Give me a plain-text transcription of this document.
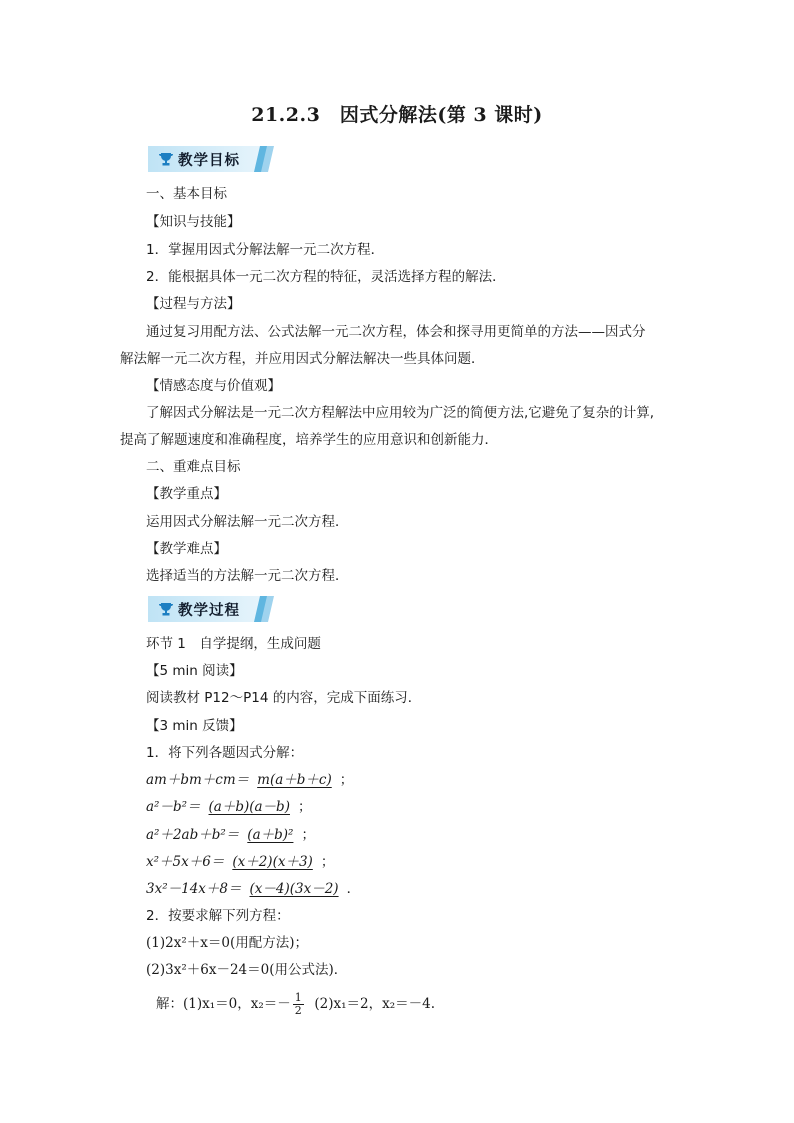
21.2.3　因式分解法(第 3 课时)
教学目标
一、基本目标
【知识与技能】
1．掌握用因式分解法解一元二次方程．
2．能根据具体一元二次方程的特征，灵活选择方程的解法．
【过程与方法】
通过复习用配方法、公式法解一元二次方程，体会和探寻用更简单的方法——因式分
解法解一元二次方程，并应用因式分解法解决一些具体问题．
【情感态度与价值观】
了解因式分解法是一元二次方程解法中应用较为广泛的简便方法,它避免了复杂的计算,
提高了解题速度和准确程度，培养学生的应用意识和创新能力．
二、重难点目标
【教学重点】
运用因式分解法解一元二次方程．
【教学难点】
选择适当的方法解一元二次方程．
教学过程
环节 1　自学提纲，生成问题
【5 min 阅读】
阅读教材 P12～P14 的内容，完成下面练习．
【3 min 反馈】
1．将下列各题因式分解：
am＋bm＋cm＝ m(a＋b＋c) ；
a²－b²＝ (a＋b)(a－b) ；
a²＋2ab＋b²＝ (a＋b)² ；
x²＋5x＋6＝ (x＋2)(x＋3) ；
3x²－14x＋8＝ (x－4)(3x－2) ．
2．按要求解下列方程：
(1)2x²＋x＝0(用配方法)；
(2)3x²＋6x－24＝0(用公式法)．
解：(1)x₁＝0，$x_2=- \frac{1}{2} (2)x_1=2$，x₂＝－4.
